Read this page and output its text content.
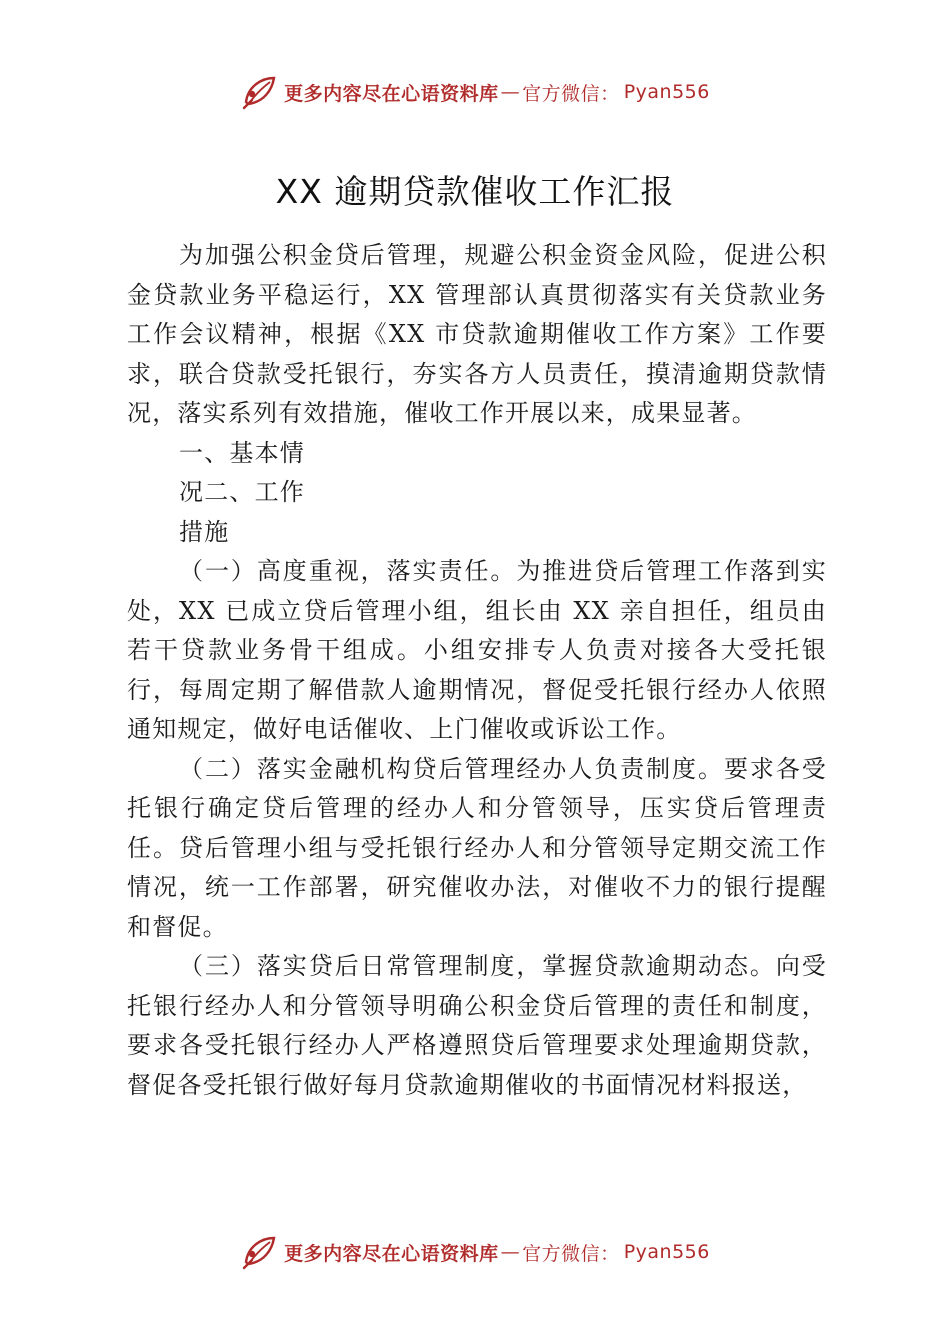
更多内容尽在心语资料库 — 官方微信： Pyan556
XX 逾期贷款催收工作汇报

为加强公积金贷后管理，规避公积金资金风险，促进公积金贷款业务平稳运行，XX 管理部认真贯彻落实有关贷款业务工作会议精神，根据《XX 市贷款逾期催收工作方案》工作要求，联合贷款受托银行，夯实各方人员责任，摸清逾期贷款情况，落实系列有效措施，催收工作开展以来，成果显著。

一、基本情

况二、工作

措施

（一）高度重视，落实责任。为推进贷后管理工作落到实处，XX 已成立贷后管理小组，组长由 XX 亲自担任，组员由若干贷款业务骨干组成。小组安排专人负责对接各大受托银行，每周定期了解借款人逾期情况，督促受托银行经办人依照通知规定，做好电话催收、上门催收或诉讼工作。

（二）落实金融机构贷后管理经办人负责制度。要求各受托银行确定贷后管理的经办人和分管领导，压实贷后管理责任。贷后管理小组与受托银行经办人和分管领导定期交流工作情况，统一工作部署，研究催收办法，对催收不力的银行提醒和督促。

（三）落实贷后日常管理制度，掌握贷款逾期动态。向受托银行经办人和分管领导明确公积金贷后管理的责任和制度，要求各受托银行经办人严格遵照贷后管理要求处理逾期贷款，督促各受托银行做好每月贷款逾期催收的书面情况材料报送，

更多内容尽在心语资料库 — 官方微信： Pyan556
